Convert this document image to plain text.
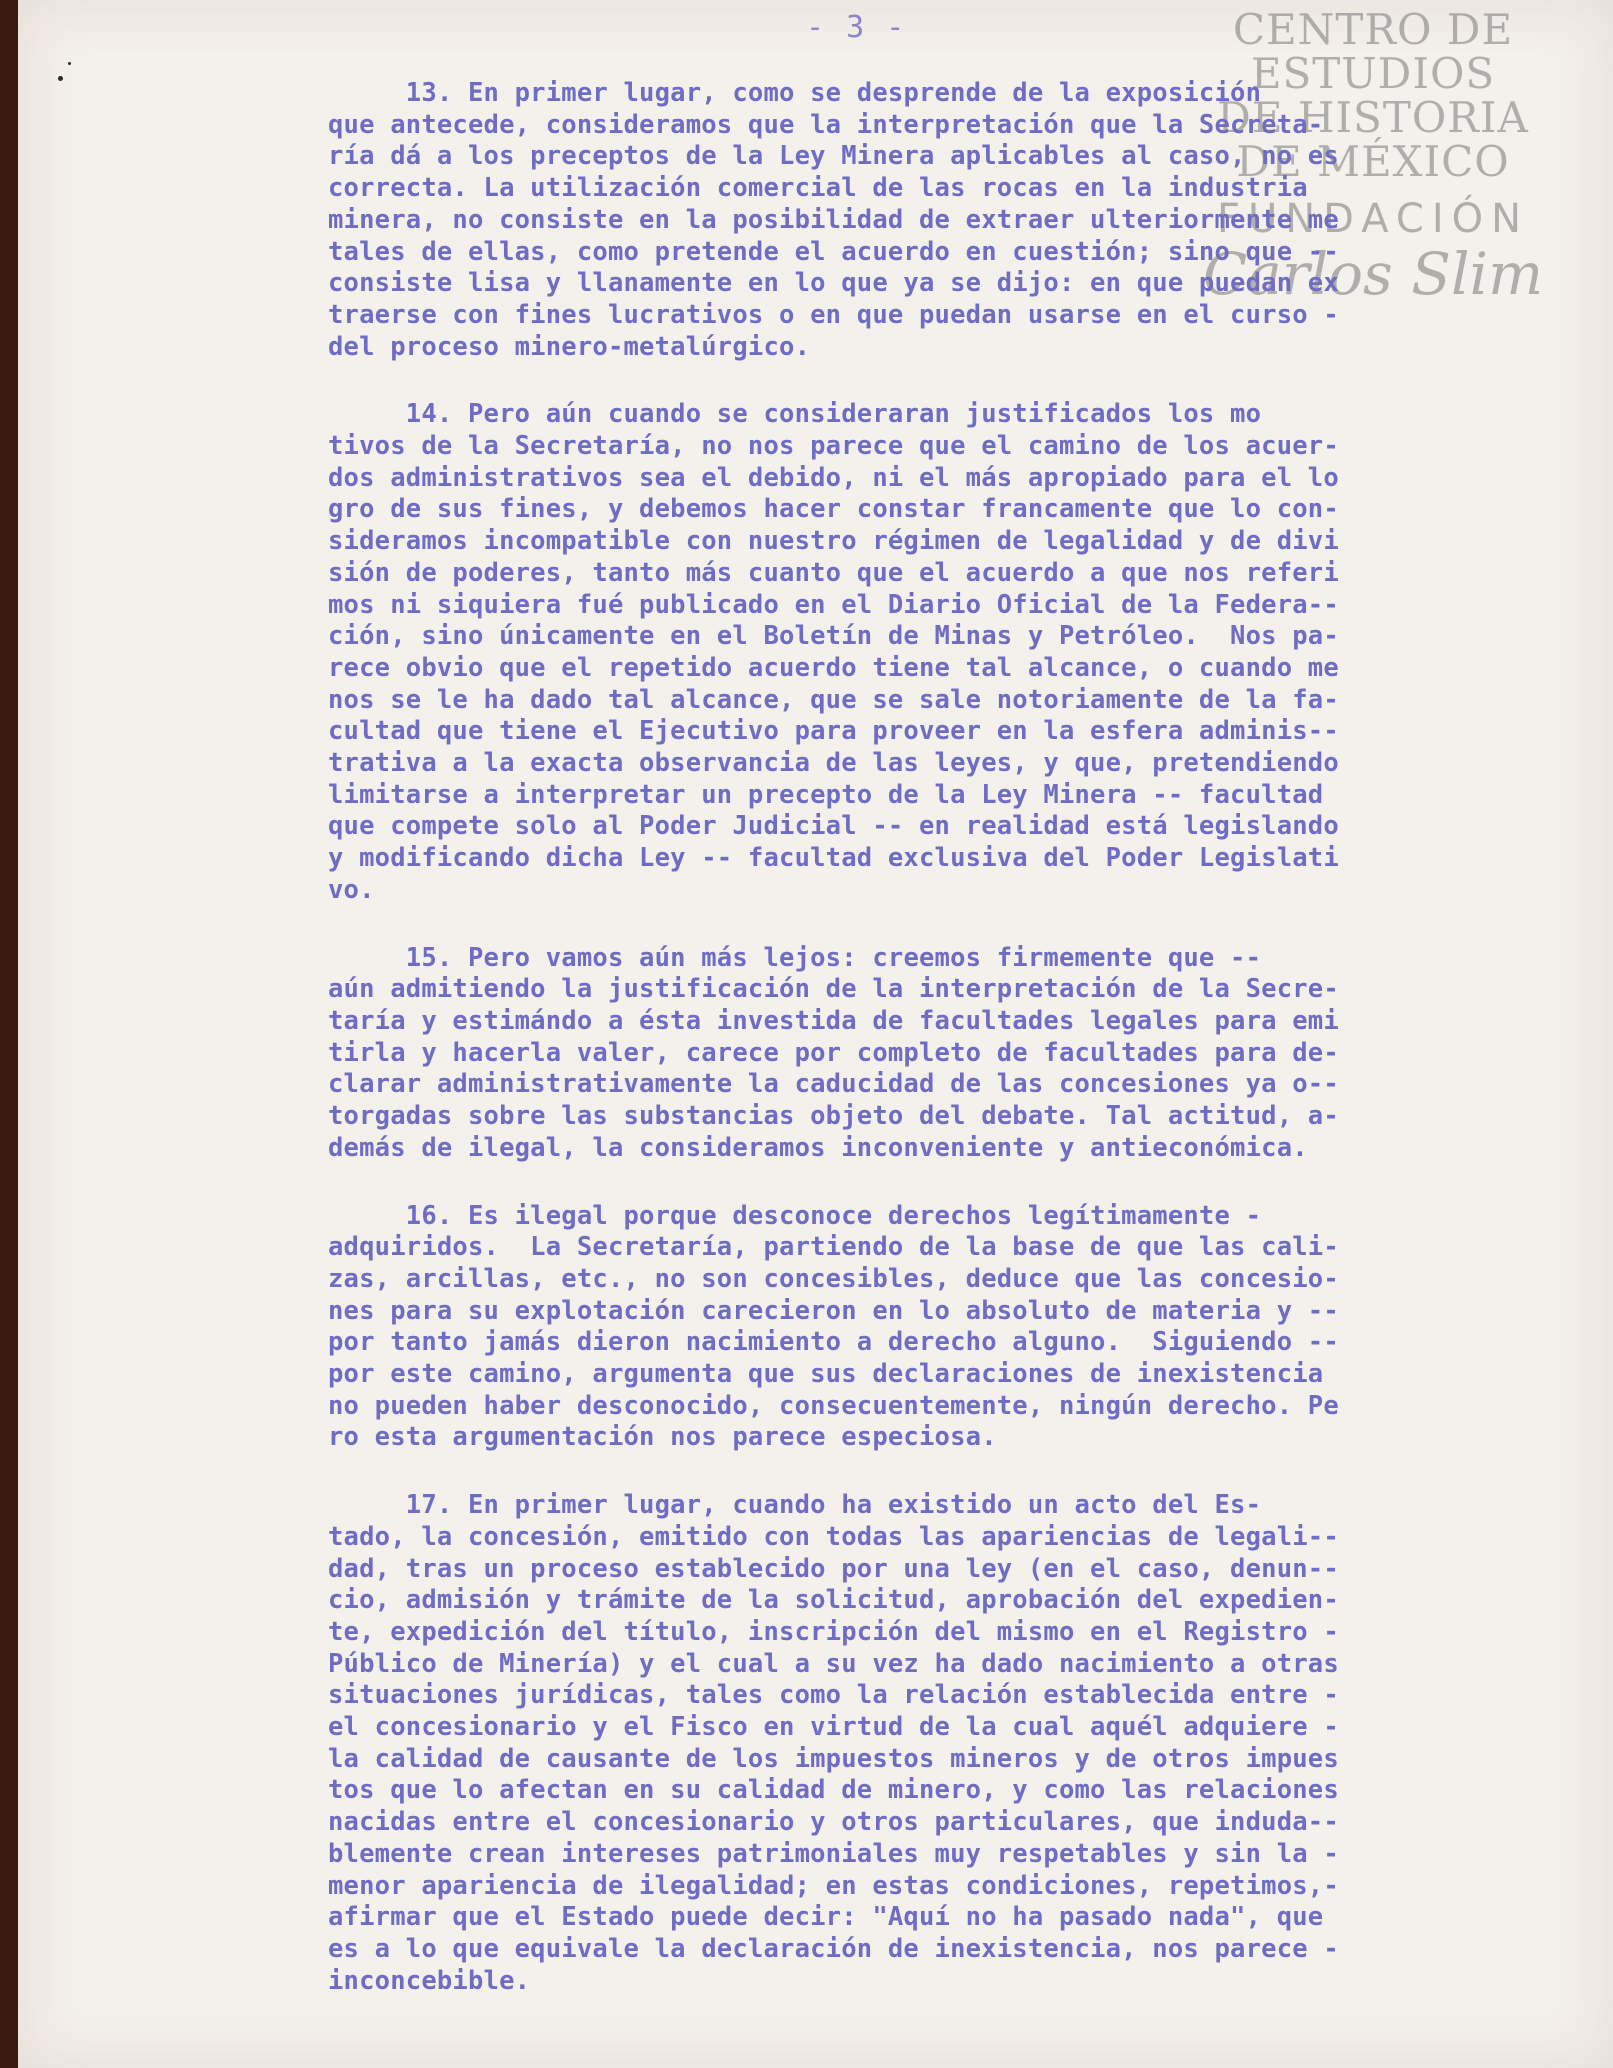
- 3 -	CENTRO DE
ESTUDIOS
DE HISTORIA
DE MÉXICO
FUNDACIÓN
Carlos Slim
13. En primer lugar, como se desprende de la exposición
que antecede, consideramos que la interpretación que la Secreta-
ría dá a los preceptos de la Ley Minera aplicables al caso, no es
correcta. La utilización comercial de las rocas en la industria
minera, no consiste en la posibilidad de extraer ulteriormente me
tales de ellas, como pretende el acuerdo en cuestión; sino que --
consiste lisa y llanamente en lo que ya se dijo: en que puedan ex
traerse con fines lucrativos o en que puedan usarse en el curso -
del proceso minero-metalúrgico.
14. Pero aún cuando se consideraran justificados los mo
tivos de la Secretaría, no nos parece que el camino de los acuer-
dos administrativos sea el debido, ni el más apropiado para el lo
gro de sus fines, y debemos hacer constar francamente que lo con-
sideramos incompatible con nuestro régimen de legalidad y de divi
sión de poderes, tanto más cuanto que el acuerdo a que nos referi
mos ni siquiera fué publicado en el Diario Oficial de la Federa--
ción, sino únicamente en el Boletín de Minas y Petróleo.  Nos pa-
rece obvio que el repetido acuerdo tiene tal alcance, o cuando me
nos se le ha dado tal alcance, que se sale notoriamente de la fa-
cultad que tiene el Ejecutivo para proveer en la esfera adminis--
trativa a la exacta observancia de las leyes, y que, pretendiendo
limitarse a interpretar un precepto de la Ley Minera -- facultad
que compete solo al Poder Judicial -- en realidad está legislando
y modificando dicha Ley -- facultad exclusiva del Poder Legislati
vo.
15. Pero vamos aún más lejos: creemos firmemente que --
aún admitiendo la justificación de la interpretación de la Secre-
taría y estimándo a ésta investida de facultades legales para emi
tirla y hacerla valer, carece por completo de facultades para de-
clarar administrativamente la caducidad de las concesiones ya o--
torgadas sobre las substancias objeto del debate. Tal actitud, a-
demás de ilegal, la consideramos inconveniente y antieconómica.
16. Es ilegal porque desconoce derechos legítimamente -
adquiridos.  La Secretaría, partiendo de la base de que las cali-
zas, arcillas, etc., no son concesibles, deduce que las concesio-
nes para su explotación carecieron en lo absoluto de materia y --
por tanto jamás dieron nacimiento a derecho alguno.  Siguiendo --
por este camino, argumenta que sus declaraciones de inexistencia
no pueden haber desconocido, consecuentemente, ningún derecho. Pe
ro esta argumentación nos parece especiosa.
17. En primer lugar, cuando ha existido un acto del Es-
tado, la concesión, emitido con todas las apariencias de legali--
dad, tras un proceso establecido por una ley (en el caso, denun--
cio, admisión y trámite de la solicitud, aprobación del expedien-
te, expedición del título, inscripción del mismo en el Registro -
Público de Minería) y el cual a su vez ha dado nacimiento a otras
situaciones jurídicas, tales como la relación establecida entre -
el concesionario y el Fisco en virtud de la cual aquél adquiere -
la calidad de causante de los impuestos mineros y de otros impues
tos que lo afectan en su calidad de minero, y como las relaciones
nacidas entre el concesionario y otros particulares, que induda--
blemente crean intereses patrimoniales muy respetables y sin la -
menor apariencia de ilegalidad; en estas condiciones, repetimos,-
afirmar que el Estado puede decir: "Aquí no ha pasado nada", que
es a lo que equivale la declaración de inexistencia, nos parece -
inconcebible.
